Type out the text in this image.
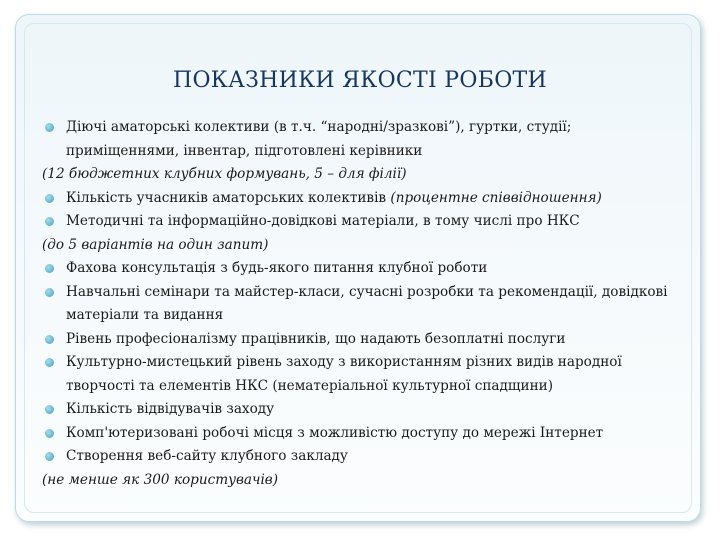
ПОКАЗНИКИ ЯКОСТІ РОБОТИ
Діючі аматорські колективи (в т.ч. “народні/зразкові”), гуртки, студії; приміщеннями, інвентар, підготовлені керівники
(12 бюджетних клубних формувань, 5 – для філії)
Кількість учасників аматорських колективів (процентне співвідношення)
Методичні та інформаційно-довідкові матеріали, в тому числі про НКС
(до 5 варіантів на один запит)
Фахова консультація з будь-якого питання клубної роботи
Навчальні семінари та майстер-класи, сучасні розробки та рекомендації, довідкові матеріали та видання
Рівень професіоналізму працівників, що надають безоплатні послуги
Культурно-мистецький рівень заходу з використанням різних видів народної творчості та елементів НКС (нематеріальної культурної спадщини)
Кількість відвідувачів заходу
Комп'ютеризовані робочі місця з можливістю доступу до мережі Інтернет
Створення веб-сайту клубного закладу
(не менше як 300 користувачів)
